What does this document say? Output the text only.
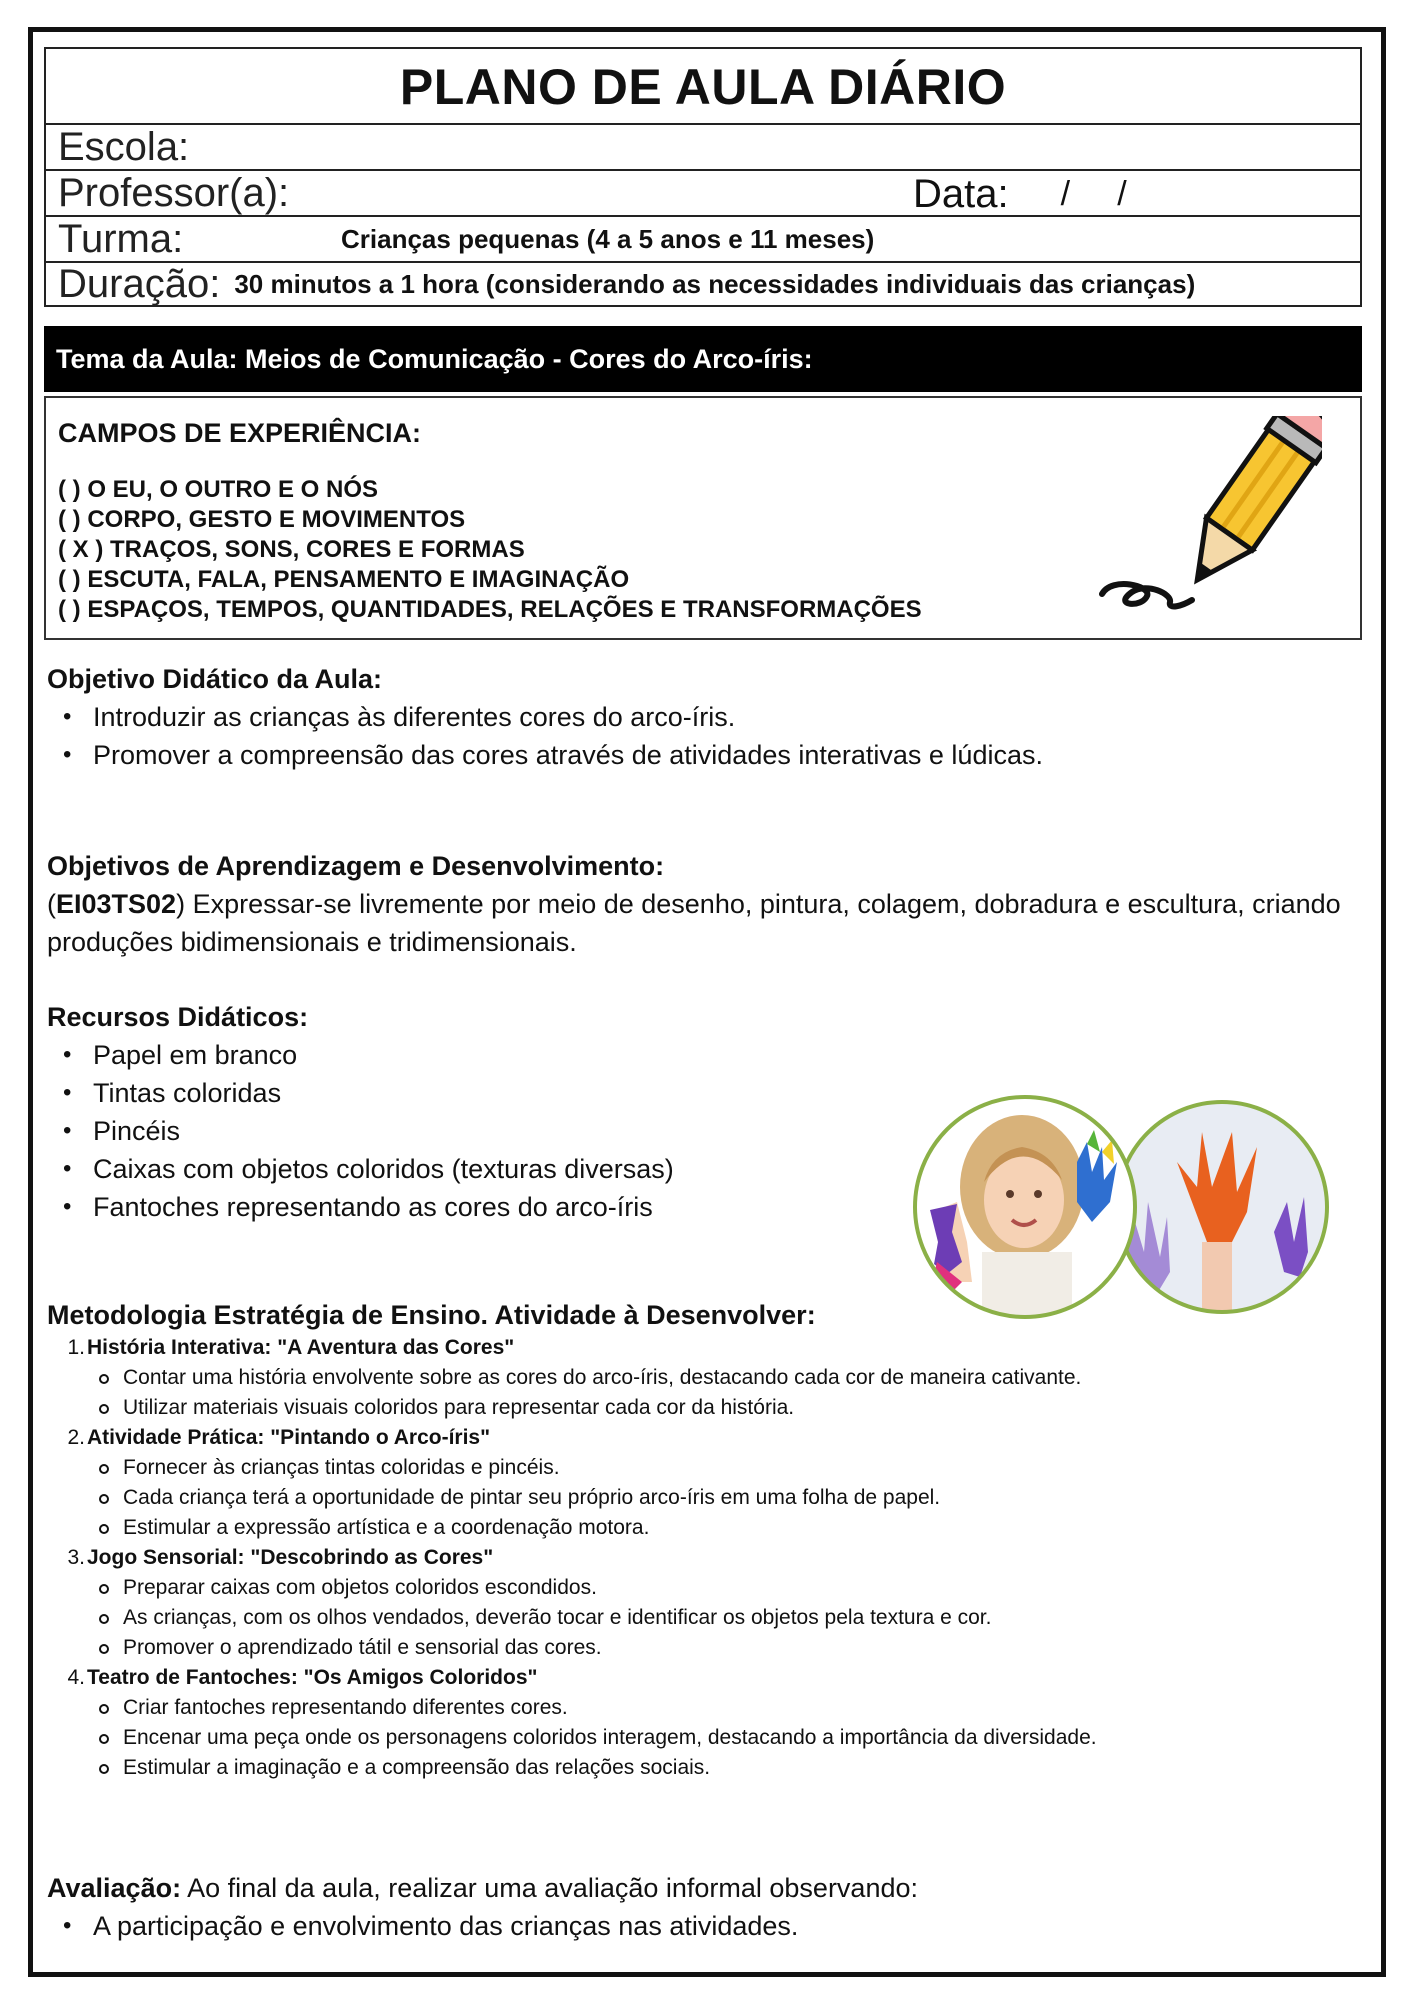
PLANO DE AULA DIÁRIO
Escola:
Professor(a):	Data: /     /
Turma:	Crianças pequenas (4 a 5 anos e 11 meses)
Duração: 30 minutos a 1 hora (considerando as necessidades individuais das crianças)
Tema da Aula: Meios de Comunicação - Cores do Arco-íris:
CAMPOS DE EXPERIÊNCIA:
( ) O EU, O OUTRO E O NÓS
( ) CORPO, GESTO E MOVIMENTOS
( X ) TRAÇOS, SONS, CORES E FORMAS
( ) ESCUTA, FALA, PENSAMENTO E IMAGINAÇÃO
( ) ESPAÇOS, TEMPOS, QUANTIDADES, RELAÇÕES E TRANSFORMAÇÕES
Objetivo Didático da Aula:
• Introduzir as crianças às diferentes cores do arco-íris.
• Promover a compreensão das cores através de atividades interativas e lúdicas.
Objetivos de Aprendizagem e Desenvolvimento:
(EI03TS02) Expressar-se livremente por meio de desenho, pintura, colagem, dobradura e escultura, criando produções bidimensionais e tridimensionais.
Recursos Didáticos:
• Papel em branco
• Tintas coloridas
• Pincéis
• Caixas com objetos coloridos (texturas diversas)
• Fantoches representando as cores do arco-íris
Metodologia Estratégia de Ensino. Atividade à Desenvolver:
1.História Interativa: "A Aventura das Cores"
Contar uma história envolvente sobre as cores do arco-íris, destacando cada cor de maneira cativante.
Utilizar materiais visuais coloridos para representar cada cor da história.
2.Atividade Prática: "Pintando o Arco-íris"
Fornecer às crianças tintas coloridas e pincéis.
Cada criança terá a oportunidade de pintar seu próprio arco-íris em uma folha de papel.
Estimular a expressão artística e a coordenação motora.
3.Jogo Sensorial: "Descobrindo as Cores"
Preparar caixas com objetos coloridos escondidos.
As crianças, com os olhos vendados, deverão tocar e identificar os objetos pela textura e cor.
Promover o aprendizado tátil e sensorial das cores.
4.Teatro de Fantoches: "Os Amigos Coloridos"
Criar fantoches representando diferentes cores.
Encenar uma peça onde os personagens coloridos interagem, destacando a importância da diversidade.
Estimular a imaginação e a compreensão das relações sociais.
Avaliação: Ao final da aula, realizar uma avaliação informal observando:
• A participação e envolvimento das crianças nas atividades.
